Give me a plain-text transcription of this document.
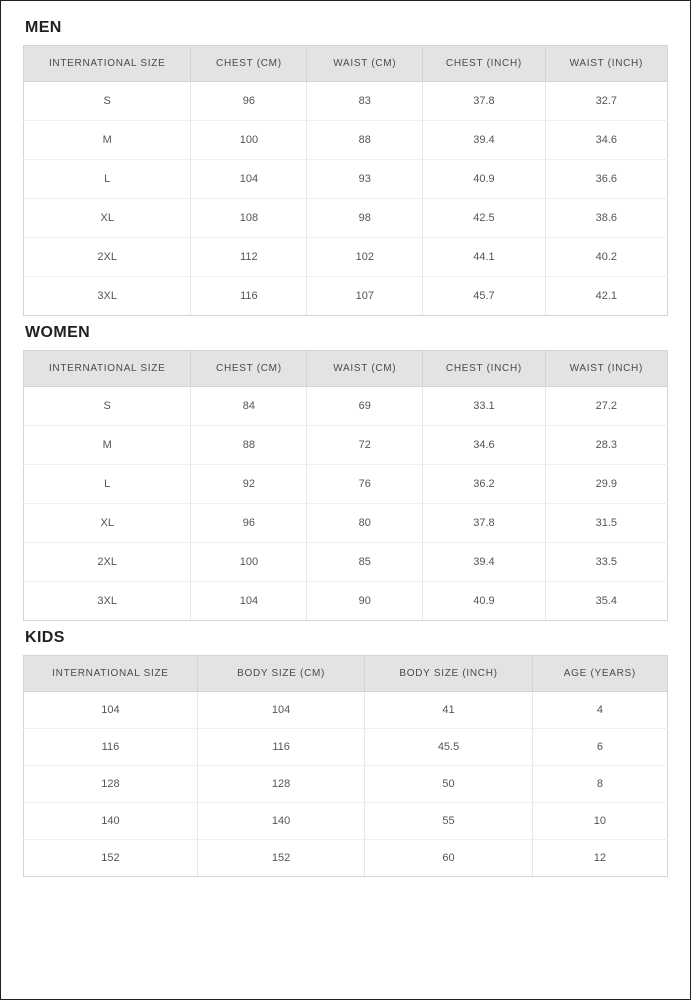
MEN
INTERNATIONAL SIZE	CHEST (CM)	WAIST (CM)	CHEST (INCH)	WAIST (INCH)
S	96	83	37.8	32.7
M	100	88	39.4	34.6
L	104	93	40.9	36.6
XL	108	98	42.5	38.6
2XL	112	102	44.1	40.2
3XL	116	107	45.7	42.1
WOMEN
INTERNATIONAL SIZE	CHEST (CM)	WAIST (CM)	CHEST (INCH)	WAIST (INCH)
S	84	69	33.1	27.2
M	88	72	34.6	28.3
L	92	76	36.2	29.9
XL	96	80	37.8	31.5
2XL	100	85	39.4	33.5
3XL	104	90	40.9	35.4
KIDS
INTERNATIONAL SIZE	BODY SIZE (CM)	BODY SIZE (INCH)	AGE (YEARS)
104	104	41	4
116	116	45.5	6
128	128	50	8
140	140	55	10
152	152	60	12
